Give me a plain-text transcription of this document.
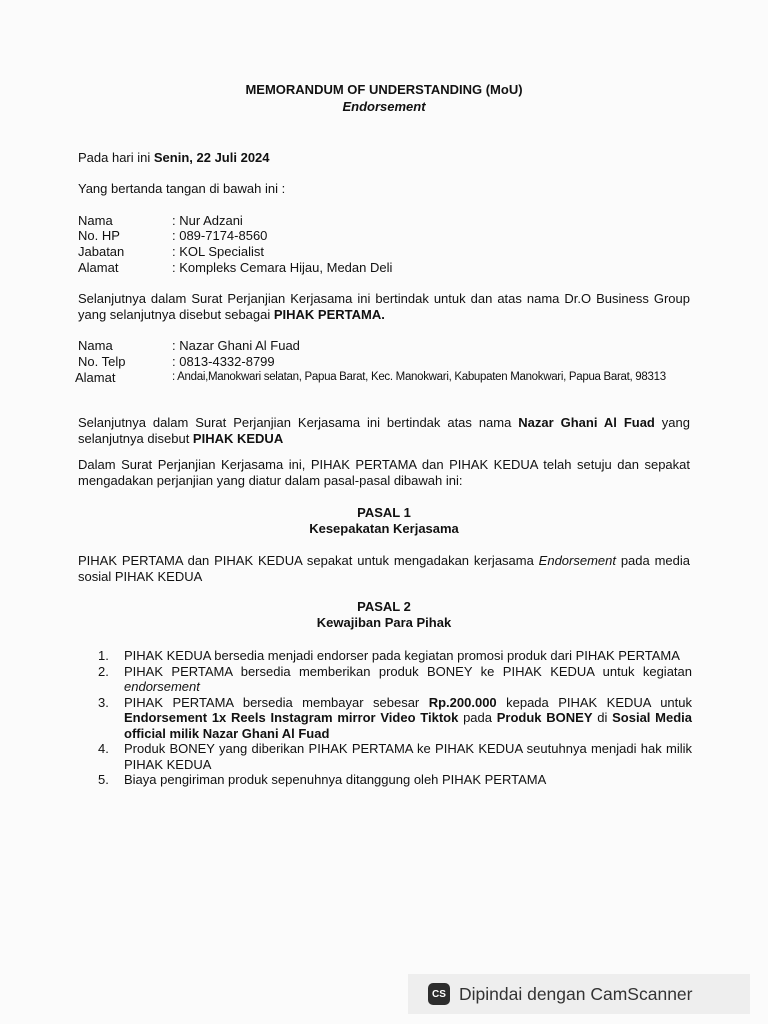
MEMORANDUM OF UNDERSTANDING (MoU)
Endorsement
Pada hari ini Senin, 22 Juli 2024
Yang bertanda tangan di bawah ini :
Nama	: Nur Adzani
No. HP	: 089-7174-8560
Jabatan	: KOL Specialist
Alamat	: Kompleks Cemara Hijau, Medan Deli
Selanjutnya dalam Surat Perjanjian Kerjasama ini bertindak untuk dan atas nama Dr.O Business Group yang selanjutnya disebut sebagai PIHAK PERTAMA.
Nama	: Nazar Ghani Al Fuad
No. Telp	: 0813-4332-8799
Alamat	: Andai,Manokwari selatan, Papua Barat, Kec. Manokwari, Kabupaten Manokwari, Papua Barat, 98313
Selanjutnya dalam Surat Perjanjian Kerjasama ini bertindak atas nama Nazar Ghani Al Fuad yang selanjutnya disebut PIHAK KEDUA
Dalam Surat Perjanjian Kerjasama ini, PIHAK PERTAMA dan PIHAK KEDUA telah setuju dan sepakat mengadakan perjanjian yang diatur dalam pasal-pasal dibawah ini:
PASAL 1
Kesepakatan Kerjasama
PIHAK PERTAMA dan PIHAK KEDUA sepakat untuk mengadakan kerjasama Endorsement pada media sosial PIHAK KEDUA
PASAL 2
Kewajiban Para Pihak
1. PIHAK KEDUA bersedia menjadi endorser pada kegiatan promosi produk dari PIHAK PERTAMA
2. PIHAK PERTAMA bersedia memberikan produk BONEY ke PIHAK KEDUA untuk kegiatan endorsement
3. PIHAK PERTAMA bersedia membayar sebesar Rp.200.000 kepada PIHAK KEDUA untuk Endorsement 1x Reels Instagram mirror Video Tiktok pada Produk BONEY di Sosial Media official milik Nazar Ghani Al Fuad
4. Produk BONEY yang diberikan PIHAK PERTAMA ke PIHAK KEDUA seutuhnya menjadi hak milik PIHAK KEDUA
5. Biaya pengiriman produk sepenuhnya ditanggung oleh PIHAK PERTAMA
CS Dipindai dengan CamScanner
